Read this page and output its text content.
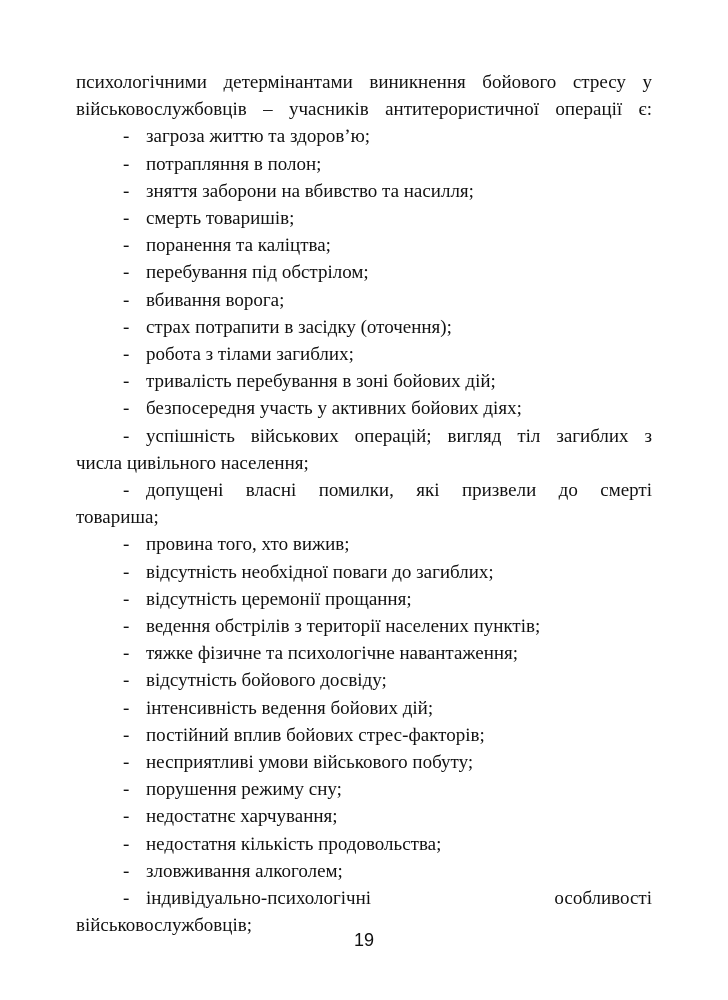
психологічними детермінантами виникнення бойового стресу у

військовослужбовців – учасників антитерористичної операції є:

- загроза життю та здоров’ю;

- потрапляння в полон;

- зняття заборони на вбивство та насилля;

- смерть товаришів;

- поранення та каліцтва;

- перебування під обстрілом;

- вбивання ворога;

- страх потрапити в засідку (оточення);

- робота з тілами загиблих;

- тривалість перебування в зоні бойових дій;

- безпосередня участь у активних бойових діях;

- успішність військових операцій; вигляд тіл загиблих з

числа цивільного населення;

- допущені власні помилки, які призвели до смерті

товариша;

- провина того, хто вижив;

- відсутність необхідної поваги до загиблих;

- відсутність церемонії прощання;

- ведення обстрілів з території населених пунктів;

- тяжке фізичне та психологічне навантаження;

- відсутність бойового досвіду;

- інтенсивність ведення бойових дій;

- постійний вплив бойових стрес-факторів;

- несприятливі умови військового побуту;

- порушення режиму сну;

- недостатнє харчування;

- недостатня кількість продовольства;

- зловживання алкоголем;

- індивідуально-психологічні особливості

військовослужбовців;

19
